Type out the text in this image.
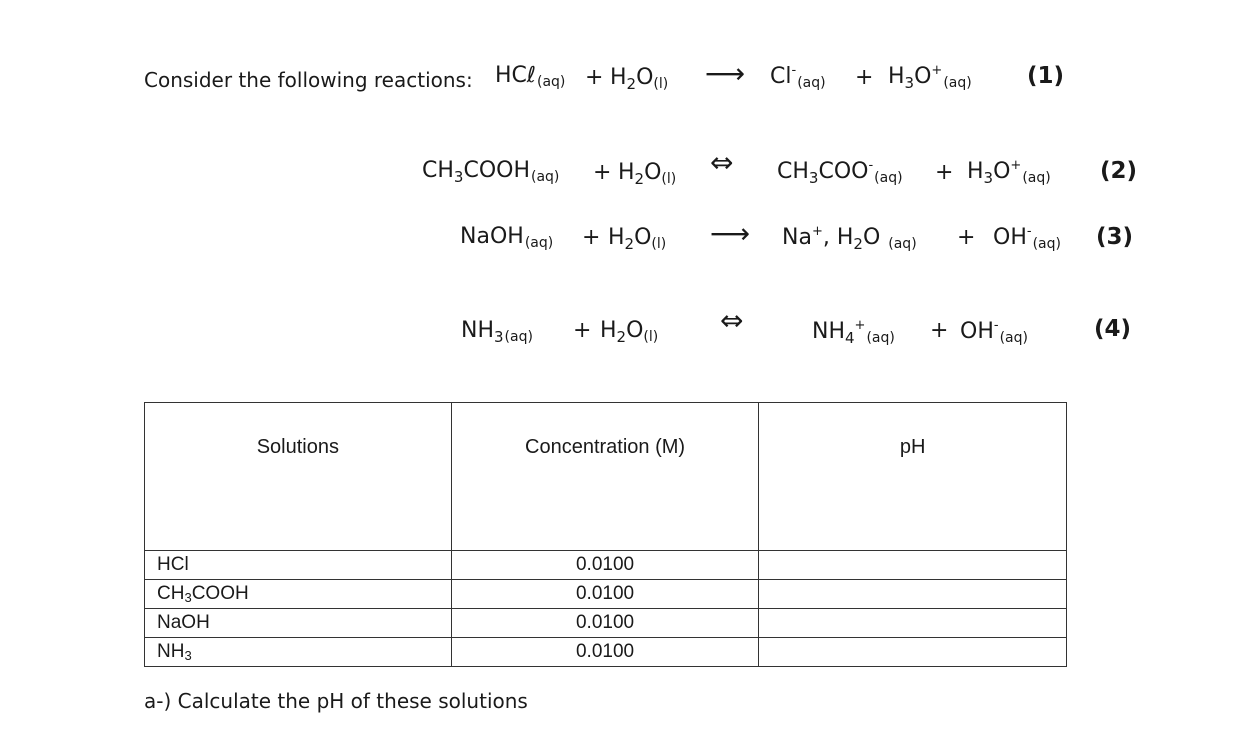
Consider the following reactions: HCℓ(aq) + $H_2O(l)$ ⟶ $Cl^-(aq) + H_3O^+(aq)$ (1)
$CH_3COOH(aq) + H_2O(l)$ ⇔ $CH_3COO^-(aq) + H_3O^+(aq)$ (2)
NaOH(aq) + $H_2O(l)$ ⟶ Na+, $H_2O$ (aq) + OH-(aq) (3)
$NH_3(aq) + H_2O(l)$ ⇔	$NH_4^+(aq) + OH^-(aq)$	(4)
Solutions	Concentration (M)	pH
HCl	0.0100	
CH3COOH	0.0100	
NaOH	0.0100	
NH3	0.0100	
a-) Calculate the pH of these solutions
